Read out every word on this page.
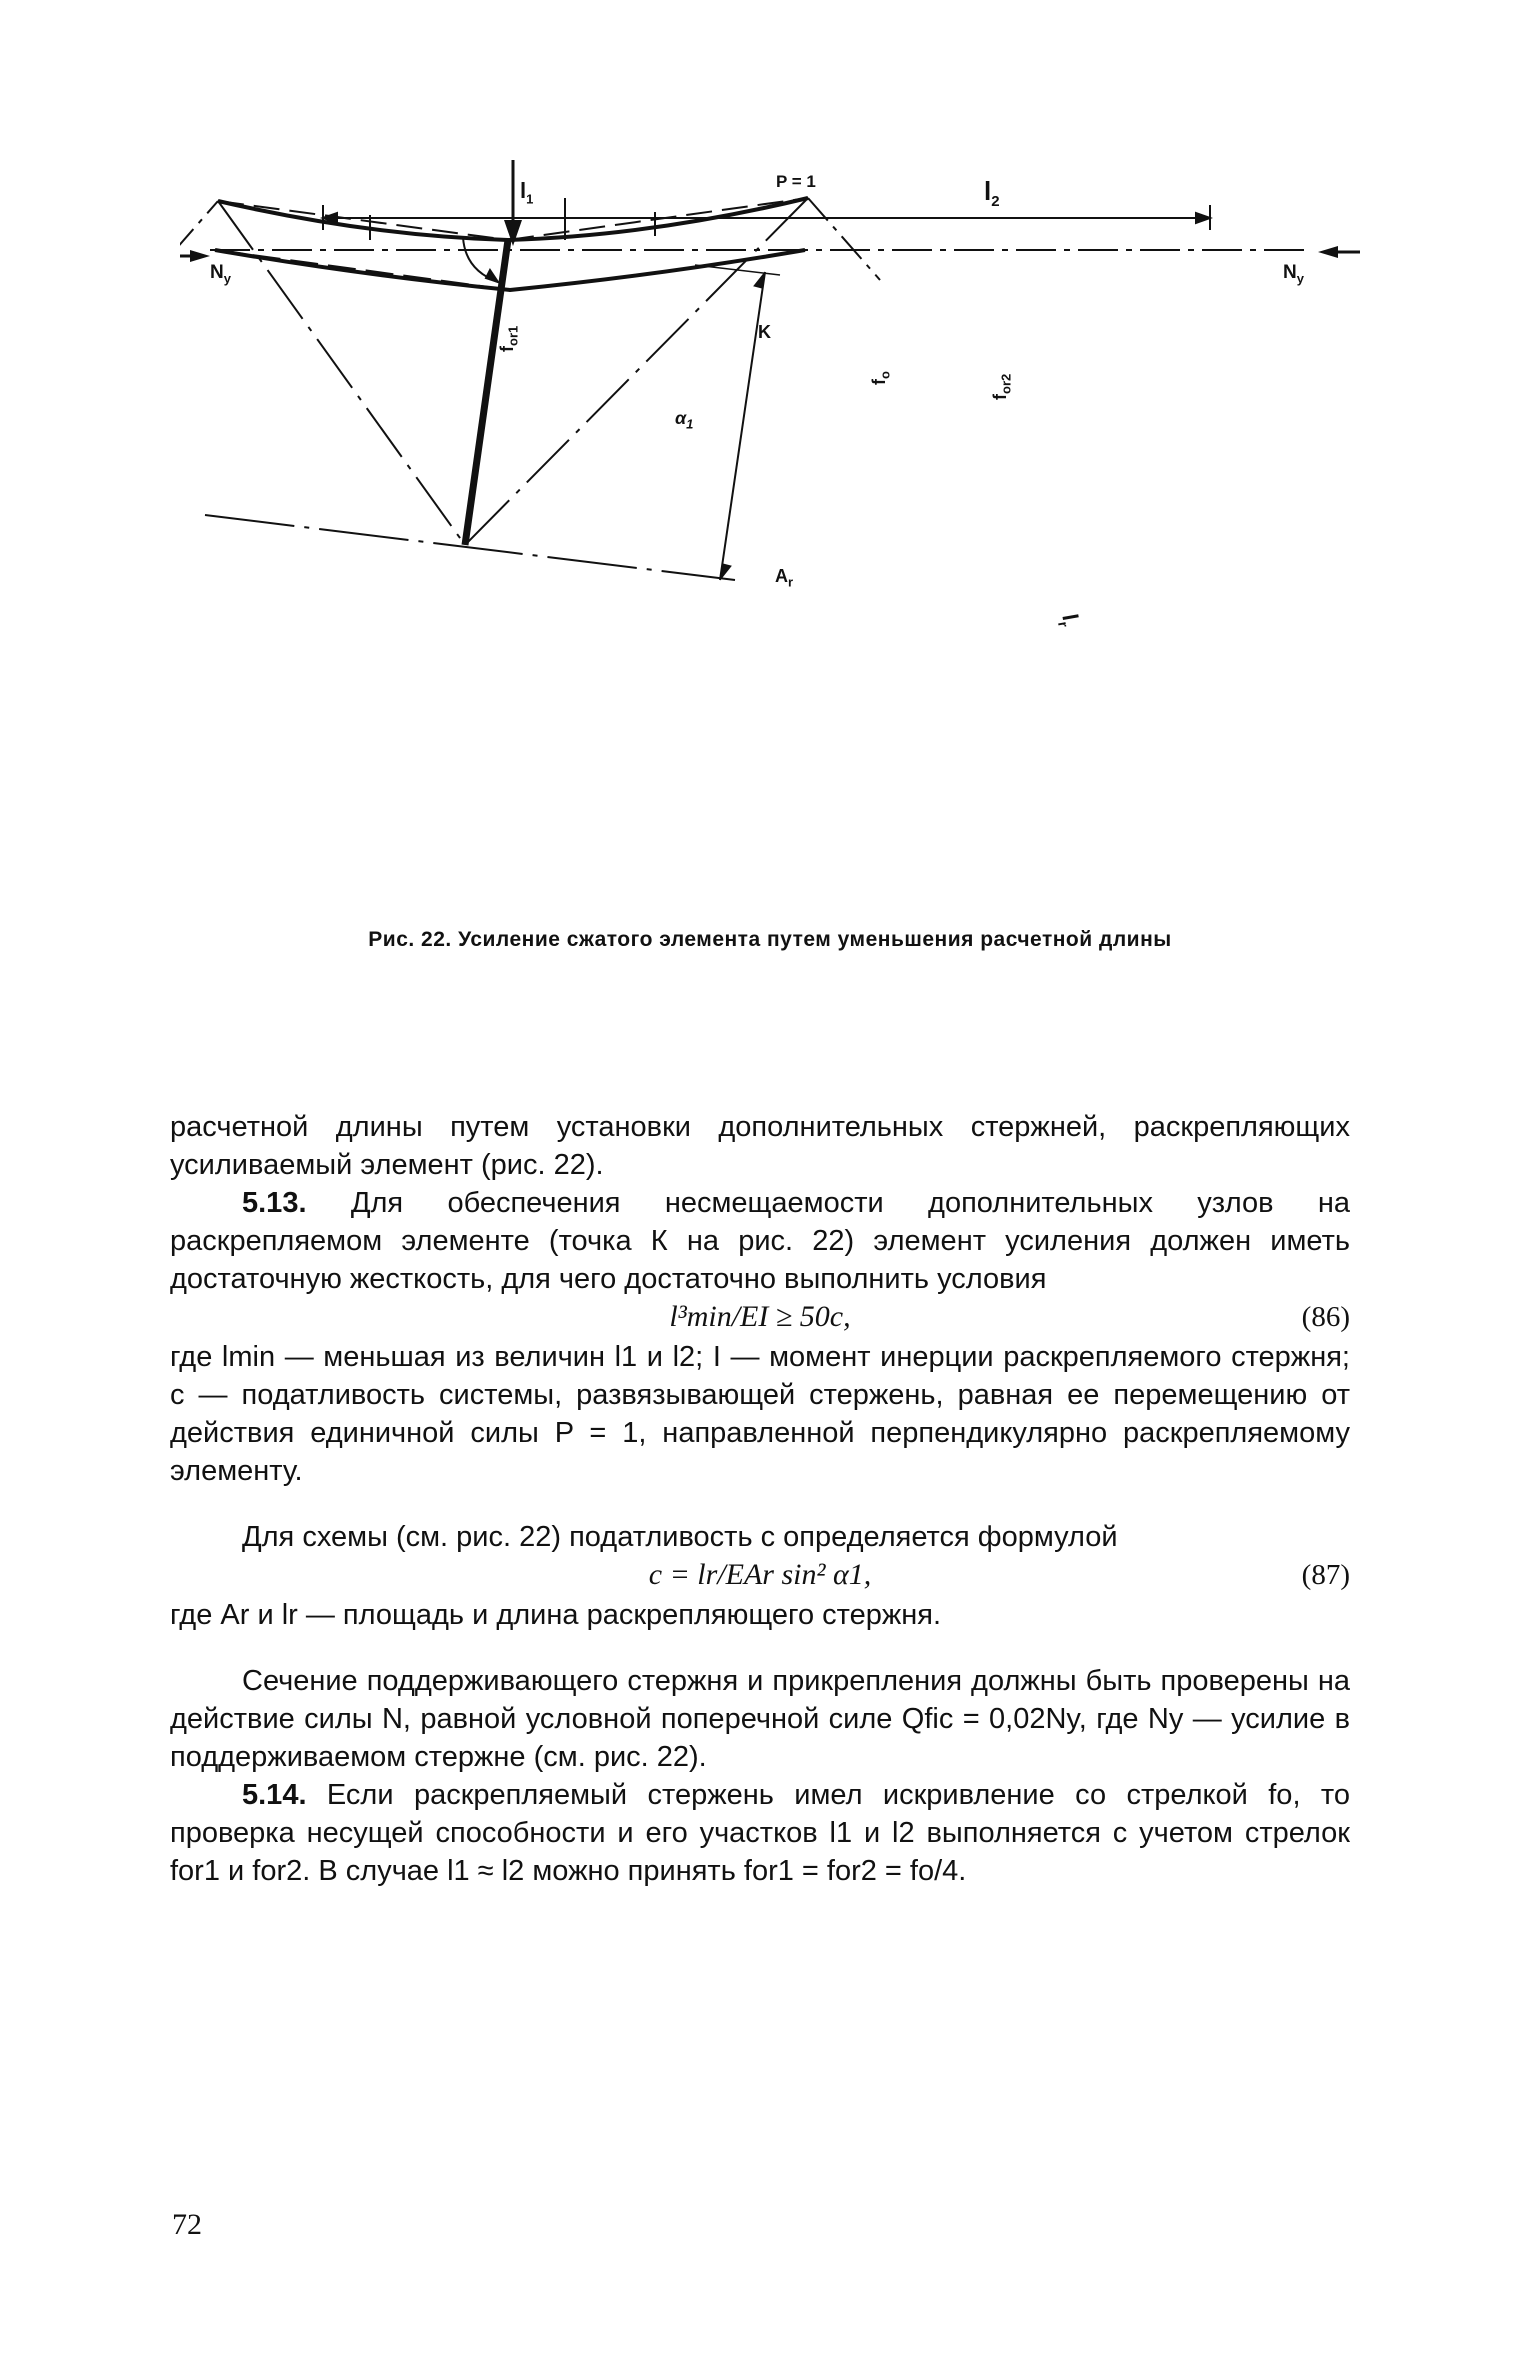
$l_1$	$l_2$
P = 1
$N_y$	$N_y$
K
$f_{or1}$
$f_o$
$f_{or2}$
$\alpha_1$
$A_r$
$l_r$
Рис. 22. Усиление сжатого элемента путем уменьшения расчетной длины

расчетной длины путем установки дополнительных стержней, раскрепляющих усиливаемый элемент (рис. 22).

5.13. Для обеспечения несмещаемости дополнительных узлов на раскрепляемом элементе (точка К на рис. 22) элемент усиления должен иметь достаточную жесткость, для чего достаточно выполнить условия

l³min/EI ≥ 50c,	(86)

где lmin — меньшая из величин l1 и l2; I — момент инерции раскрепляемого стержня; c — податливость системы, развязывающей стержень, равная ее перемещению от действия единичной силы P = 1, направленной перпендикулярно раскрепляемому элементу.

Для схемы (см. рис. 22) податливость c определяется формулой

c = lr/EAr sin² α1,	(87)

где Ar и lr — площадь и длина раскрепляющего стержня.

Сечение поддерживающего стержня и прикрепления должны быть проверены на действие силы N, равной условной поперечной силе Qfic = 0,02Ny, где Ny — усилие в поддерживаемом стержне (см. рис. 22).

5.14. Если раскрепляемый стержень имел искривление со стрелкой fo, то проверка несущей способности и его участков l1 и l2 выполняется с учетом стрелок for1 и for2. В случае l1 ≈ l2 можно принять for1 = for2 = fo/4.

72
